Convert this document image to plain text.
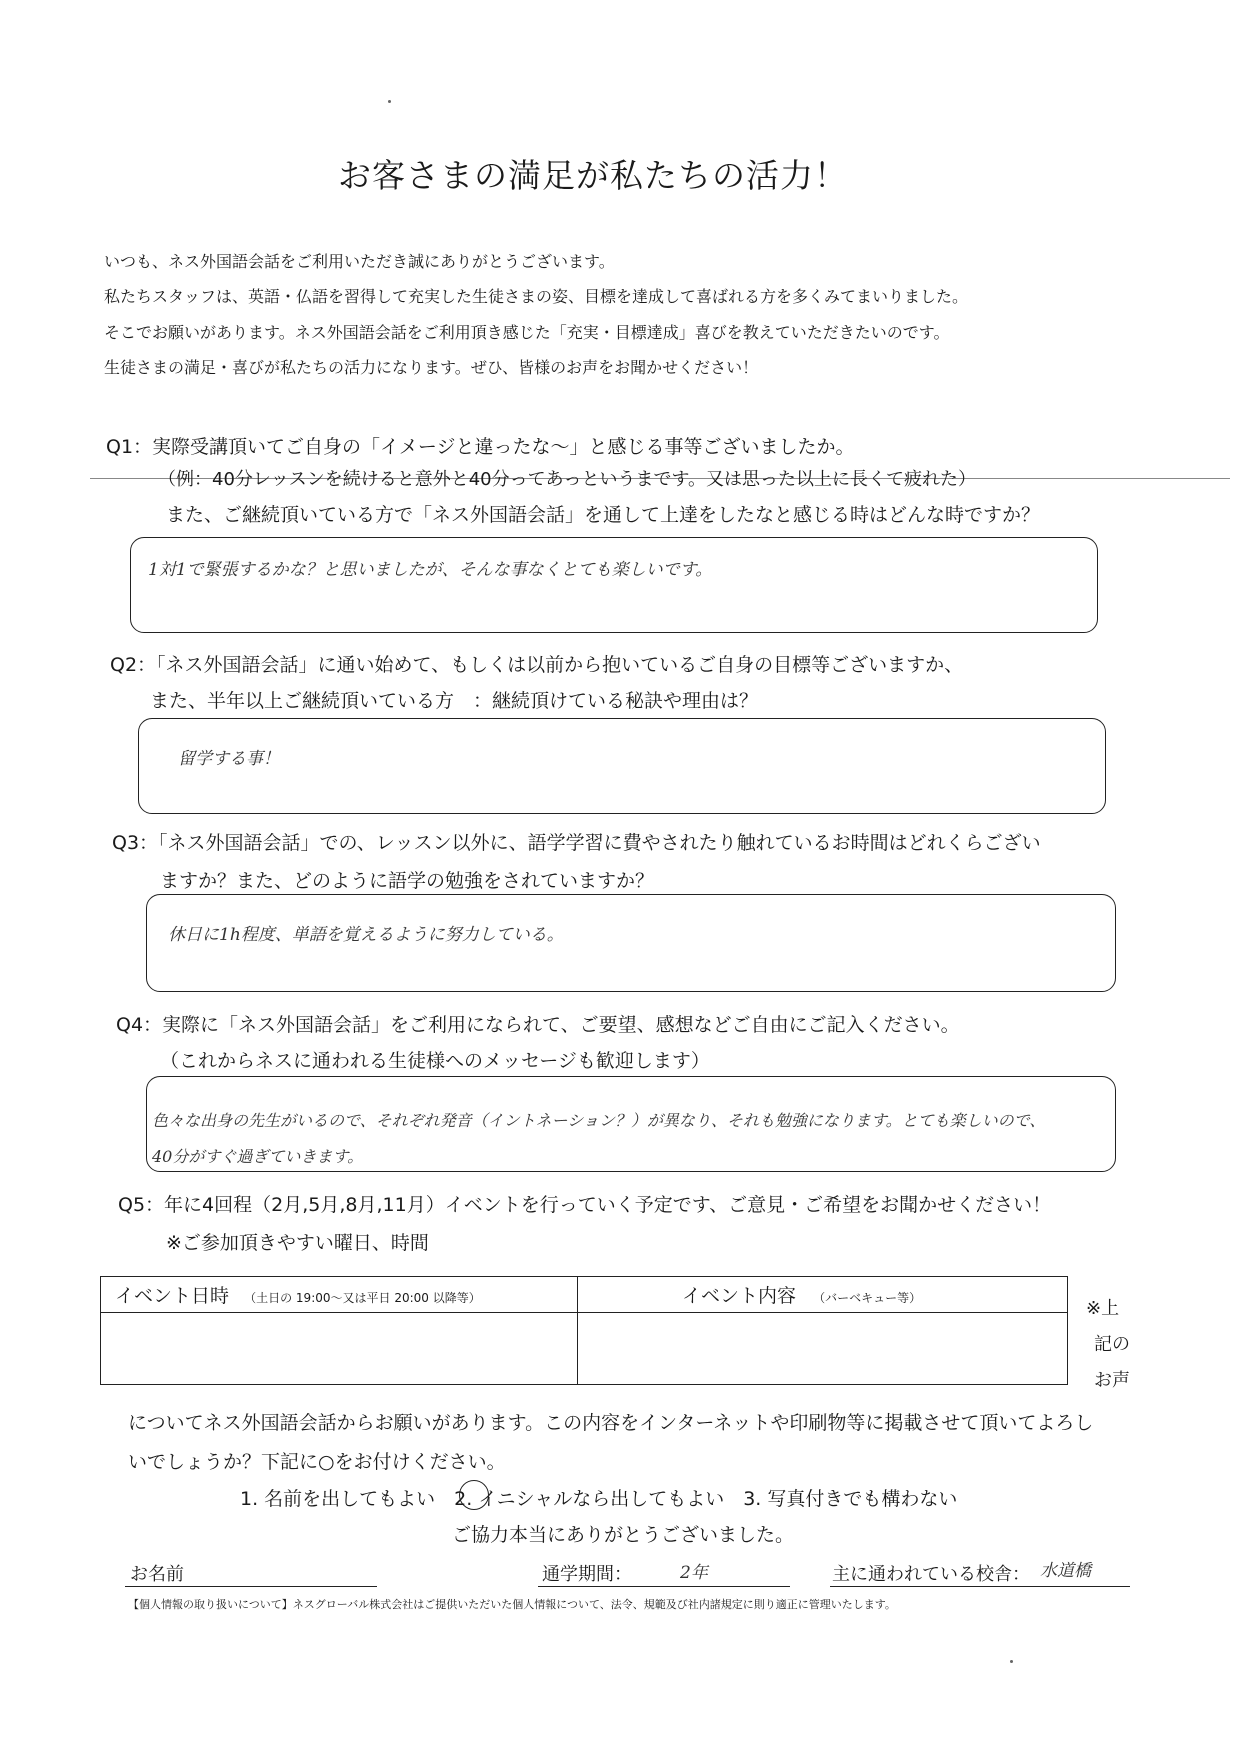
お客さまの満足が私たちの活力！
いつも、ネス外国語会話をご利用いただき誠にありがとうございます。
私たちスタッフは、英語・仏語を習得して充実した生徒さまの姿、目標を達成して喜ばれる方を多くみてまいりました。
そこでお願いがあります。ネス外国語会話をご利用頂き感じた「充実・目標達成」喜びを教えていただきたいのです。
生徒さまの満足・喜びが私たちの活力になります。ぜひ、皆様のお声をお聞かせください！
Q1：実際受講頂いてご自身の「イメージと違ったな～」と感じる事等ございましたか。
（例：40分レッスンを続けると意外と40分ってあっというまです。又は思った以上に長くて疲れた）
また、ご継続頂いている方で「ネス外国語会話」を通して上達をしたなと感じる時はどんな時ですか？
1対1で緊張するかな？と思いましたが、そんな事なくとても楽しいです。
Q2：「ネス外国語会話」に通い始めて、もしくは以前から抱いているご自身の目標等ございますか、
また、半年以上ご継続頂いている方　：継続頂けている秘訣や理由は？
留学する事！
Q3：「ネス外国語会話」での、レッスン以外に、語学学習に費やされたり触れているお時間はどれくらござい
ますか？また、どのように語学の勉強をされていますか？
休日に1h程度、単語を覚えるように努力している。
Q4：実際に「ネス外国語会話」をご利用になられて、ご要望、感想などご自由にご記入ください。
（これからネスに通われる生徒様へのメッセージも歓迎します）
色々な出身の先生がいるので、それぞれ発音（イントネーション？）が異なり、それも勉強になります。とても楽しいので、
40分がすぐ過ぎていきます。
Q5：年に4回程（2月,5月,8月,11月）イベントを行っていく予定です、ご意見・ご希望をお聞かせください！
※ご参加頂きやすい曜日、時間
イベント日時 （土日の 19:00～又は平日 20:00 以降等）	イベント内容 （バーベキュー等）
		※上
記の
お声
についてネス外国語会話からお願いがあります。この内容をインターネットや印刷物等に掲載させて頂いてよろし
いでしょうか？下記に○をお付けください。
1. 名前を出してもよい　2. イニシャルなら出してもよい　3. 写真付きでも構わない
ご協力本当にありがとうございました。
お名前	通学期間：	2年	主に通われている校舎： 水道橋
【個人情報の取り扱いについて】ネスグローバル株式会社はご提供いただいた個人情報について、法令、規範及び社内諸規定に則り適正に管理いたします。
